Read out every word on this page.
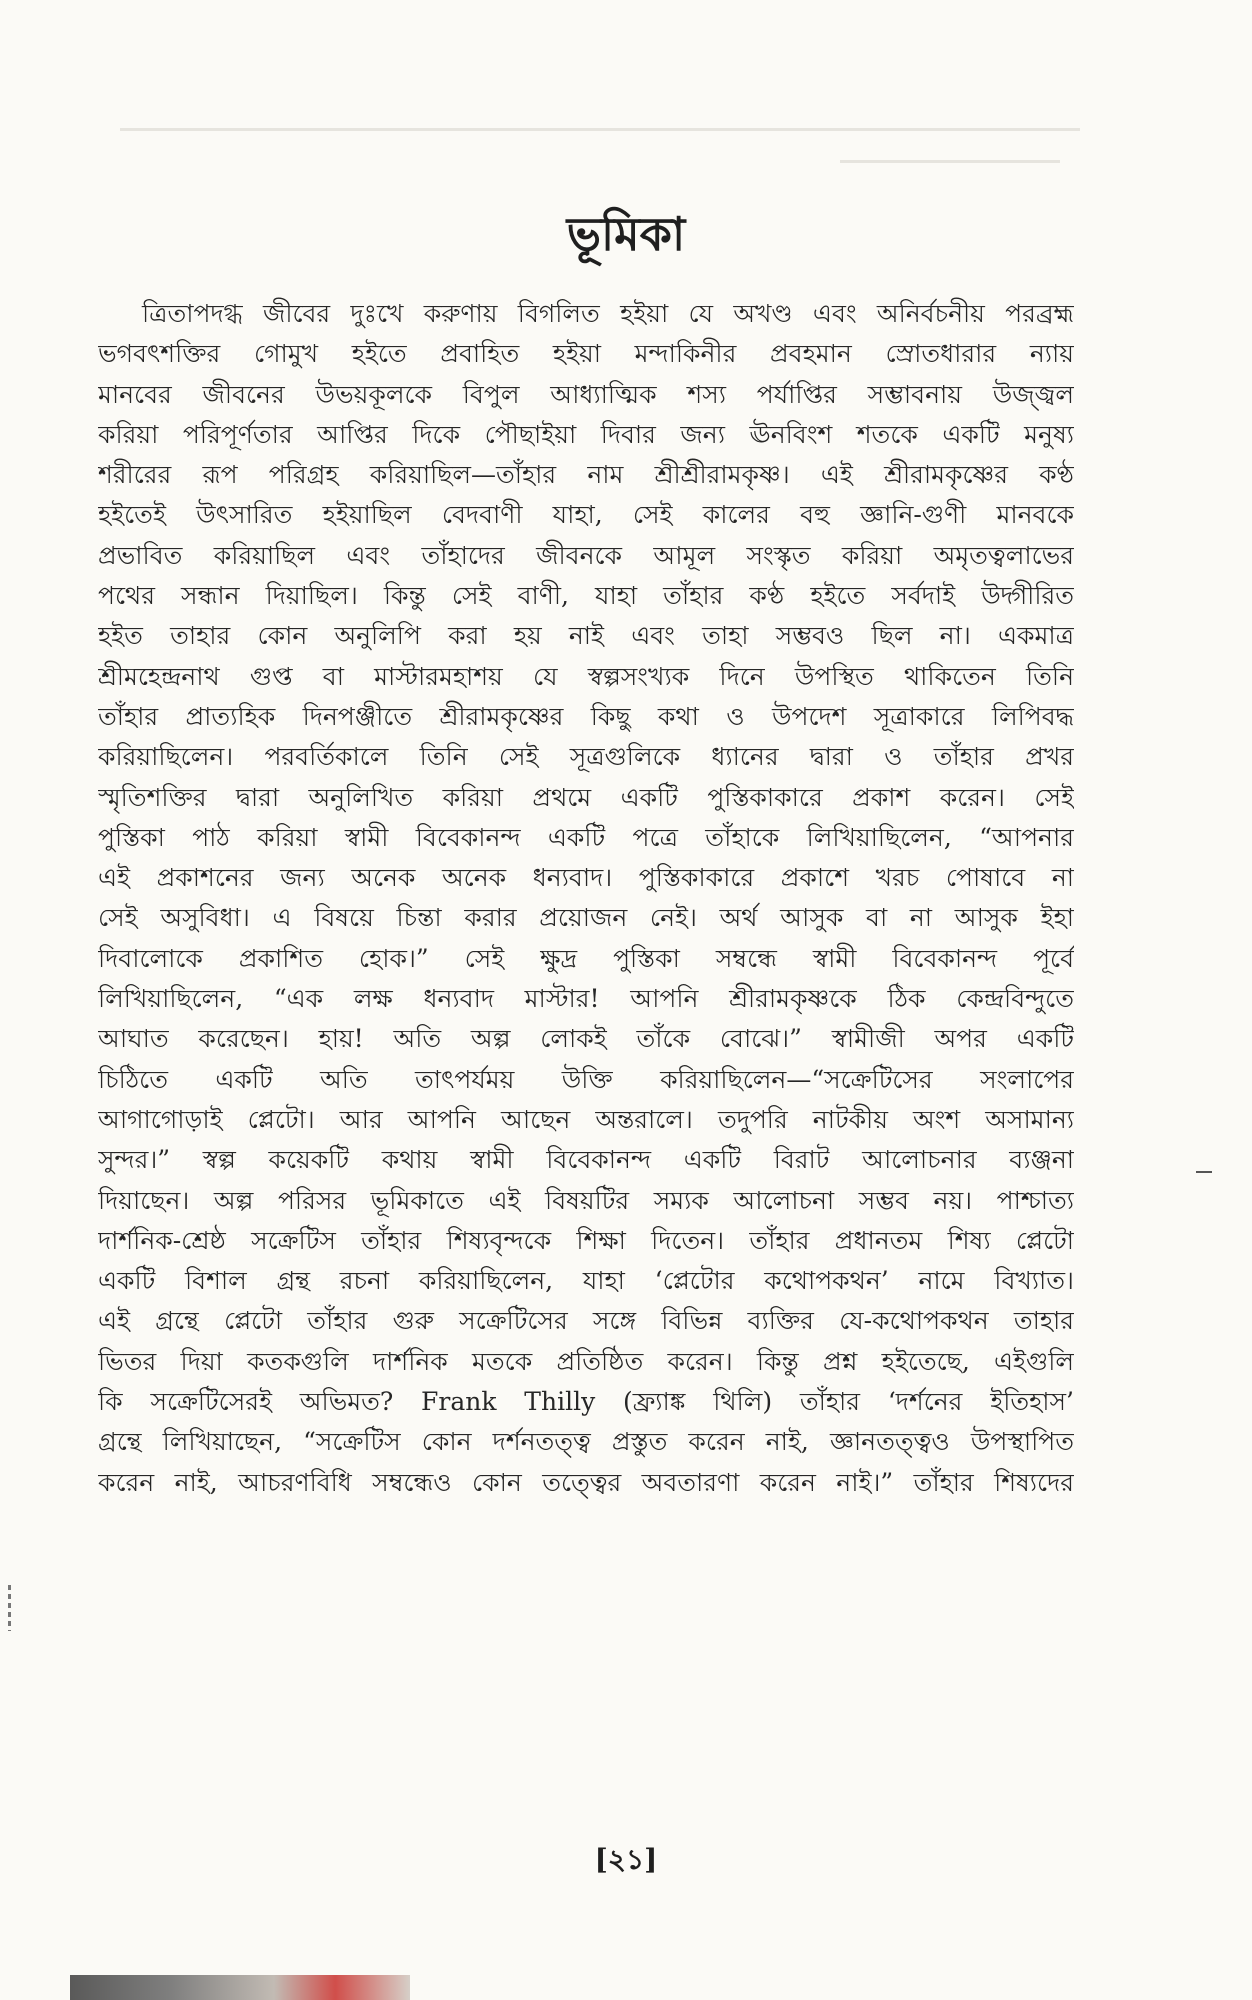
ভূমিকা
ত্রিতাপদগ্ধ জীবের দুঃখে করুণায় বিগলিত হইয়া যে অখণ্ড এবং অনির্বচনীয় পরব্রহ্ম
ভগবৎশক্তির গোমুখ হইতে প্রবাহিত হইয়া মন্দাকিনীর প্রবহমান স্রোতধারার ন্যায়
মানবের জীবনের উভয়কূলকে বিপুল আধ্যাত্মিক শস্য পর্যাপ্তির সম্ভাবনায় উজ্জ্বল
করিয়া পরিপূর্ণতার আপ্তির দিকে পৌছাইয়া দিবার জন্য ঊনবিংশ শতকে একটি মনুষ্য
শরীরের রূপ পরিগ্রহ করিয়াছিল—তাঁহার নাম শ্রীশ্রীরামকৃষ্ণ। এই শ্রীরামকৃষ্ণের কণ্ঠ
হইতেই উৎসারিত হইয়াছিল বেদবাণী যাহা, সেই কালের বহু জ্ঞানি-গুণী মানবকে
প্রভাবিত করিয়াছিল এবং তাঁহাদের জীবনকে আমূল সংস্কৃত করিয়া অমৃতত্বলাভের
পথের সন্ধান দিয়াছিল। কিন্তু সেই বাণী, যাহা তাঁহার কণ্ঠ হইতে সর্বদাই উদ্গীরিত
হইত তাহার কোন অনুলিপি করা হয় নাই এবং তাহা সম্ভবও ছিল না। একমাত্র
শ্রীমহেন্দ্রনাথ গুপ্ত বা মাস্টারমহাশয় যে স্বল্পসংখ্যক দিনে উপস্থিত থাকিতেন তিনি
তাঁহার প্রাত্যহিক দিনপঞ্জীতে শ্রীরামকৃষ্ণের কিছু কথা ও উপদেশ সূত্রাকারে লিপিবদ্ধ
করিয়াছিলেন। পরবর্তিকালে তিনি সেই সূত্রগুলিকে ধ্যানের দ্বারা ও তাঁহার প্রখর
স্মৃতিশক্তির দ্বারা অনুলিখিত করিয়া প্রথমে একটি পুস্তিকাকারে প্রকাশ করেন। সেই
পুস্তিকা পাঠ করিয়া স্বামী বিবেকানন্দ একটি পত্রে তাঁহাকে লিখিয়াছিলেন, “আপনার
এই প্রকাশনের জন্য অনেক অনেক ধন্যবাদ। পুস্তিকাকারে প্রকাশে খরচ পোষাবে না
সেই অসুবিধা। এ বিষয়ে চিন্তা করার প্রয়োজন নেই। অর্থ আসুক বা না আসুক ইহা
দিবালোকে প্রকাশিত হোক।” সেই ক্ষুদ্র পুস্তিকা সম্বন্ধে স্বামী বিবেকানন্দ পূর্বে
লিখিয়াছিলেন, “এক লক্ষ ধন্যবাদ মাস্টার! আপনি শ্রীরামকৃষ্ণকে ঠিক কেন্দ্রবিন্দুতে
আঘাত করেছেন। হায়! অতি অল্প লোকই তাঁকে বোঝে।” স্বামীজী অপর একটি
চিঠিতে একটি অতি তাৎপর্যময় উক্তি করিয়াছিলেন—“সক্রেটিসের সংলাপের
আগাগোড়াই প্লেটো। আর আপনি আছেন অন্তরালে। তদুপরি নাটকীয় অংশ অসামান্য
সুন্দর।” স্বল্প কয়েকটি কথায় স্বামী বিবেকানন্দ একটি বিরাট আলোচনার ব্যঞ্জনা
দিয়াছেন। অল্প পরিসর ভূমিকাতে এই বিষয়টির সম্যক আলোচনা সম্ভব নয়। পাশ্চাত্য
দার্শনিক-শ্রেষ্ঠ সক্রেটিস তাঁহার শিষ্যবৃন্দকে শিক্ষা দিতেন। তাঁহার প্রধানতম শিষ্য প্লেটো
একটি বিশাল গ্রন্থ রচনা করিয়াছিলেন, যাহা ‘প্লেটোর কথোপকথন’ নামে বিখ্যাত।
এই গ্রন্থে প্লেটো তাঁহার গুরু সক্রেটিসের সঙ্গে বিভিন্ন ব্যক্তির যে-কথোপকথন তাহার
ভিতর দিয়া কতকগুলি দার্শনিক মতকে প্রতিষ্ঠিত করেন। কিন্তু প্রশ্ন হইতেছে, এইগুলি
কি সক্রেটিসেরই অভিমত? Frank Thilly (ফ্র্যাঙ্ক থিলি) তাঁহার ‘দর্শনের ইতিহাস’
গ্রন্থে লিখিয়াছেন, “সক্রেটিস কোন দর্শনতত্ত্ব প্রস্তুত করেন নাই, জ্ঞানতত্ত্বও উপস্থাপিত
করেন নাই, আচরণবিধি সম্বন্ধেও কোন তত্ত্বের অবতারণা করেন নাই।” তাঁহার শিষ্যদের
[২১]
